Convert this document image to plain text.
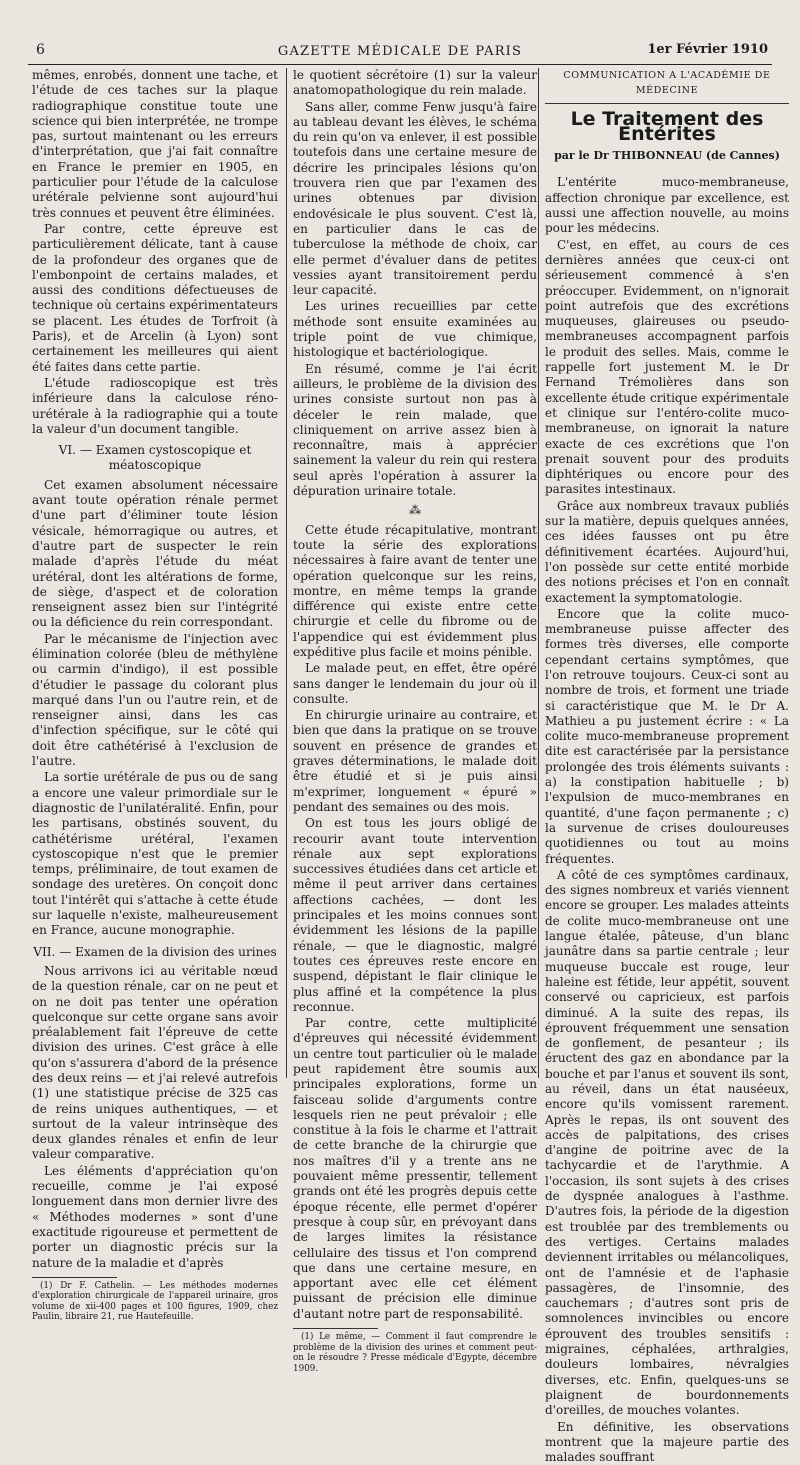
6	GAZETTE MÉDICALE DE PARIS	1er Février 1910

mêmes, enrobés, donnent une tache, et l'étude de ces taches sur la plaque radiographique constitue toute une science qui bien interprétée, ne trompe pas, surtout maintenant ou les erreurs d'interprétation, que j'ai fait connaître en France le premier en 1905, en particulier pour l'étude de la calculose urétérale pelvienne sont aujourd'hui très connues et peuvent être éliminées.

Par contre, cette épreuve est particulièrement délicate, tant à cause de la profondeur des organes que de l'embonpoint de certains malades, et aussi des conditions défectueuses de technique où certains expérimentateurs se placent. Les études de Torfroit (à Paris), et de Arcelin (à Lyon) sont certainement les meilleures qui aient été faites dans cette partie.

L'étude radioscopique est très inférieure dans la calculose réno-urétérale à la radiographie qui a toute la valeur d'un document tangible.

VI. — Examen cystoscopique et méatoscopique

Cet examen absolument nécessaire avant toute opération rénale permet d'une part d'éliminer toute lésion vésicale, hémorragique ou autres, et d'autre part de suspecter le rein malade d'après l'étude du méat urétéral, dont les altérations de forme, de siège, d'aspect et de coloration renseignent assez bien sur l'intégrité ou la déficience du rein correspondant.

Par le mécanisme de l'injection avec élimination colorée (bleu de méthylène ou carmin d'indigo), il est possible d'étudier le passage du colorant plus marqué dans l'un ou l'autre rein, et de renseigner ainsi, dans les cas d'infection spécifique, sur le côté qui doit être cathétérisé à l'exclusion de l'autre.

La sortie urétérale de pus ou de sang a encore une valeur primordiale sur le diagnostic de l'unilatéralité. Enfin, pour les partisans, obstinés souvent, du cathétérisme urétéral, l'examen cystoscopique n'est que le premier temps, préliminaire, de tout examen de sondage des uretères. On conçoit donc tout l'intérêt qui s'attache à cette étude sur laquelle n'existe, malheureusement en France, aucune monographie.

VII. — Examen de la division des urines

Nous arrivons ici au véritable nœud de la question rénale, car on ne peut et on ne doit pas tenter une opération quelconque sur cette organe sans avoir préalablement fait l'épreuve de cette division des urines. C'est grâce à elle qu'on s'assurera d'abord de la présence des deux reins — et j'ai relevé autrefois (1) une statistique précise de 325 cas de reins uniques authentiques, — et surtout de la valeur intrinsèque des deux glandes rénales et enfin de leur valeur comparative.

Les éléments d'appréciation qu'on recueille, comme je l'ai exposé longuement dans mon dernier livre des « Méthodes modernes » sont d'une exactitude rigoureuse et permettent de porter un diagnostic précis sur la nature de la maladie et d'après

(1) Dr F. Cathelin. — Les méthodes modernes d'exploration chirurgicale de l'appareil urinaire, gros volume de xii-400 pages et 100 figures, 1909, chez Paulin, libraire 21, rue Hautefeuille.

le quotient sécrétoire (1) sur la valeur anatomopathologique du rein malade.

Sans aller, comme Fenw jusqu'à faire au tableau devant les élèves, le schéma du rein qu'on va enlever, il est possible toutefois dans une certaine mesure de décrire les principales lésions qu'on trouvera rien que par l'examen des urines obtenues par division endovésicale le plus souvent. C'est là, en particulier dans le cas de tuberculose la méthode de choix, car elle permet d'évaluer dans de petites vessies ayant transitoirement perdu leur capacité.

Les urines recueillies par cette méthode sont ensuite examinées au triple point de vue chimique, histologique et bactériologique.

En résumé, comme je l'ai écrit ailleurs, le problème de la division des urines consiste surtout non pas à déceler le rein malade, que cliniquement on arrive assez bien à reconnaître, mais à apprécier sainement la valeur du rein qui restera seul après l'opération à assurer la dépuration urinaire totale.

⁂

Cette étude récapitulative, montrant toute la série des explorations nécessaires à faire avant de tenter une opération quelconque sur les reins, montre, en même temps la grande différence qui existe entre cette chirurgie et celle du fibrome ou de l'appendice qui est évidemment plus expéditive plus facile et moins pénible.

Le malade peut, en effet, être opéré sans danger le lendemain du jour où il consulte.

En chirurgie urinaire au contraire, et bien que dans la pratique on se trouve souvent en présence de grandes et graves déterminations, le malade doit être étudié et si je puis ainsi m'exprimer, longuement « épuré » pendant des semaines ou des mois.

On est tous les jours obligé de recourir avant toute intervention rénale aux sept explorations successives étudiées dans cet article et même il peut arriver dans certaines affections cachées, — dont les principales et les moins connues sont évidemment les lésions de la papille rénale, — que le diagnostic, malgré toutes ces épreuves reste encore en suspend, dépistant le flair clinique le plus affiné et la compétence la plus reconnue.

Par contre, cette multiplicité d'épreuves qui nécessité évidemment un centre tout particulier où le malade peut rapidement être soumis aux principales explorations, forme un faisceau solide d'arguments contre lesquels rien ne peut prévaloir ; elle constitue à la fois le charme et l'attrait de cette branche de la chirurgie que nos maîtres d'il y a trente ans ne pouvaient même pressentir, tellement grands ont été les progrès depuis cette époque récente, elle permet d'opérer presque à coup sûr, en prévoyant dans de larges limites la résistance cellulaire des tissus et l'on comprend que dans une certaine mesure, en apportant avec elle cet élément puissant de précision elle diminue d'autant notre part de responsabilité.

(1) Le même, — Comment il faut comprendre le problème de la division des urines et comment peut-on le résoudre ? Presse médicale d'Egypte, décembre 1909.

COMMUNICATION A L'ACADÉMIE DE MÉDECINE
Le Traitement des Entérites
par le Dr THIBONNEAU (de Cannes)

L'entérite muco-membraneuse, affection chronique par excellence, est aussi une affection nouvelle, au moins pour les médecins.

C'est, en effet, au cours de ces dernières années que ceux-ci ont sérieusement commencé à s'en préoccuper. Evidemment, on n'ignorait point autrefois que des excrétions muqueuses, glaireuses ou pseudo-membraneuses accompagnent parfois le produit des selles. Mais, comme le rappelle fort justement M. le Dr Fernand Trémolières dans son excellente étude critique expérimentale et clinique sur l'entéro-colite muco-membraneuse, on ignorait la nature exacte de ces excrétions que l'on prenait souvent pour des produits diphtériques ou encore pour des parasites intestinaux.

Grâce aux nombreux travaux publiés sur la matière, depuis quelques années, ces idées fausses ont pu être définitivement écartées. Aujourd'hui, l'on possède sur cette entité morbide des notions précises et l'on en connaît exactement la symptomatologie.

Encore que la colite muco-membraneuse puisse affecter des formes très diverses, elle comporte cependant certains symptômes, que l'on retrouve toujours. Ceux-ci sont au nombre de trois, et forment une triade si caractéristique que M. le Dr A. Mathieu a pu justement écrire : « La colite muco-membraneuse proprement dite est caractérisée par la persistance prolongée des trois éléments suivants : a) la constipation habituelle ; b) l'expulsion de muco-membranes en quantité, d'une façon permanente ; c) la survenue de crises douloureuses quotidiennes ou tout au moins fréquentes.

A côté de ces symptômes cardinaux, des signes nombreux et variés viennent encore se grouper. Les malades atteints de colite muco-membraneuse ont une langue étalée, pâteuse, d'un blanc jaunâtre dans sa partie centrale ; leur muqueuse buccale est rouge, leur haleine est fétide, leur appétit, souvent conservé ou capricieux, est parfois diminué. A la suite des repas, ils éprouvent fréquemment une sensation de gonflement, de pesanteur ; ils éructent des gaz en abondance par la bouche et par l'anus et souvent ils sont, au réveil, dans un état nauséeux, encore qu'ils vomissent rarement. Après le repas, ils ont souvent des accès de palpitations, des crises d'angine de poitrine avec de la tachycardie et de l'arythmie. A l'occasion, ils sont sujets à des crises de dyspnée analogues à l'asthme. D'autres fois, la période de la digestion est troublée par des tremblements ou des vertiges. Certains malades deviennent irritables ou mélancoliques, ont de l'amnésie et de l'aphasie passagères, de l'insomnie, des cauchemars ; d'autres sont pris de somnolences invincibles ou encore éprouvent des troubles sensitifs : migraines, céphalées, arthralgies, douleurs lombaires, névralgies diverses, etc. Enfin, quelques-uns se plaignent de bourdonnements d'oreilles, de mouches volantes.

En définitive, les observations montrent que la majeure partie des malades souffrant
